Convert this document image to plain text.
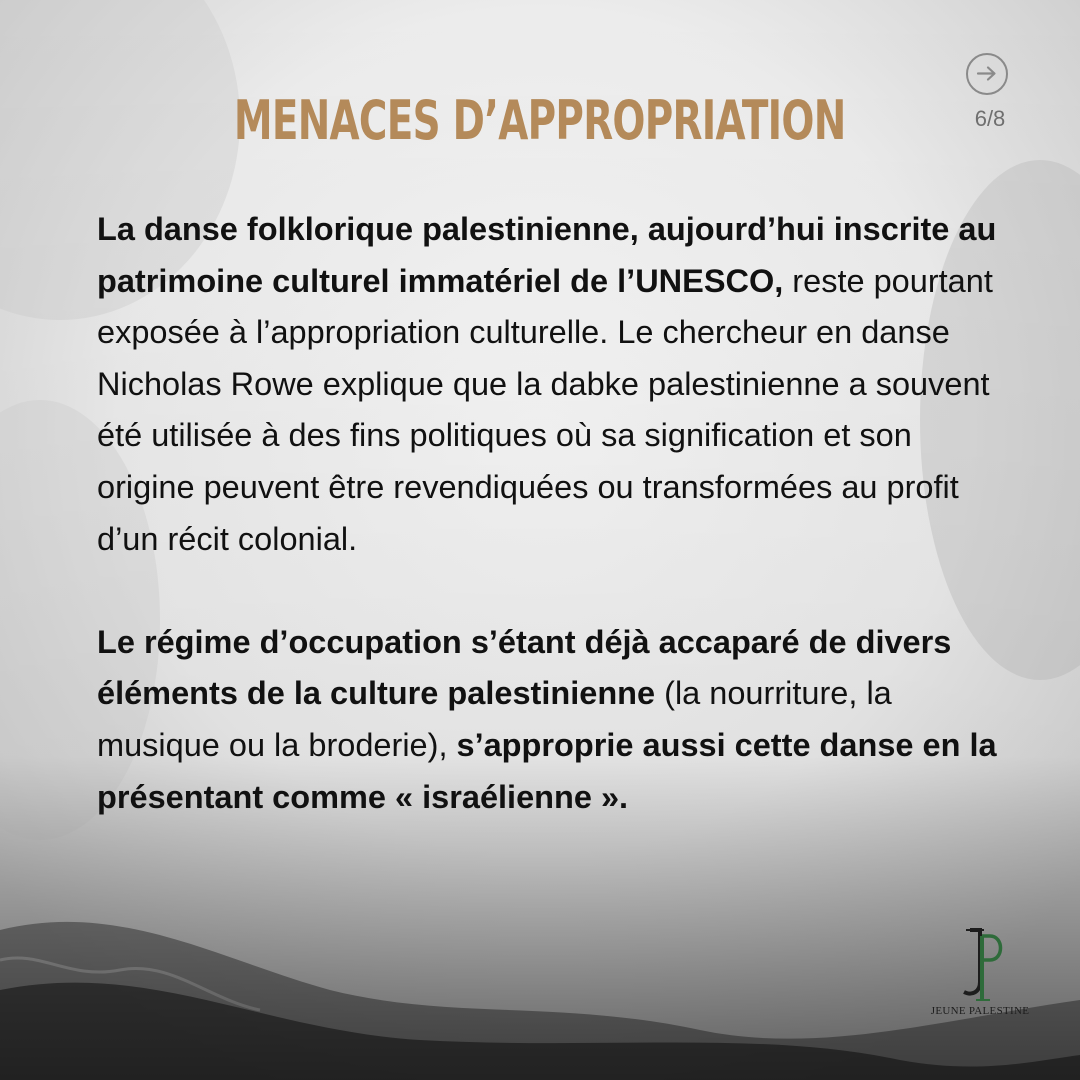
MENACES D’APPROPRIATION	6/8

La danse folklorique palestinienne, aujourd’hui inscrite au patrimoine culturel immatériel de l’UNESCO, reste pourtant exposée à l’appropriation culturelle. Le chercheur en danse Nicholas Rowe explique que la dabke palestinienne a souvent été utilisée à des fins politiques où sa signification et son origine peuvent être revendiquées ou transformées au profit d’un récit colonial.

Le régime d’occupation s’étant déjà accaparé de divers éléments de la culture palestinienne (la nourriture, la musique ou la broderie), s’approprie aussi cette danse en la présentant comme « israélienne ».

JEUNE PALESTINE
